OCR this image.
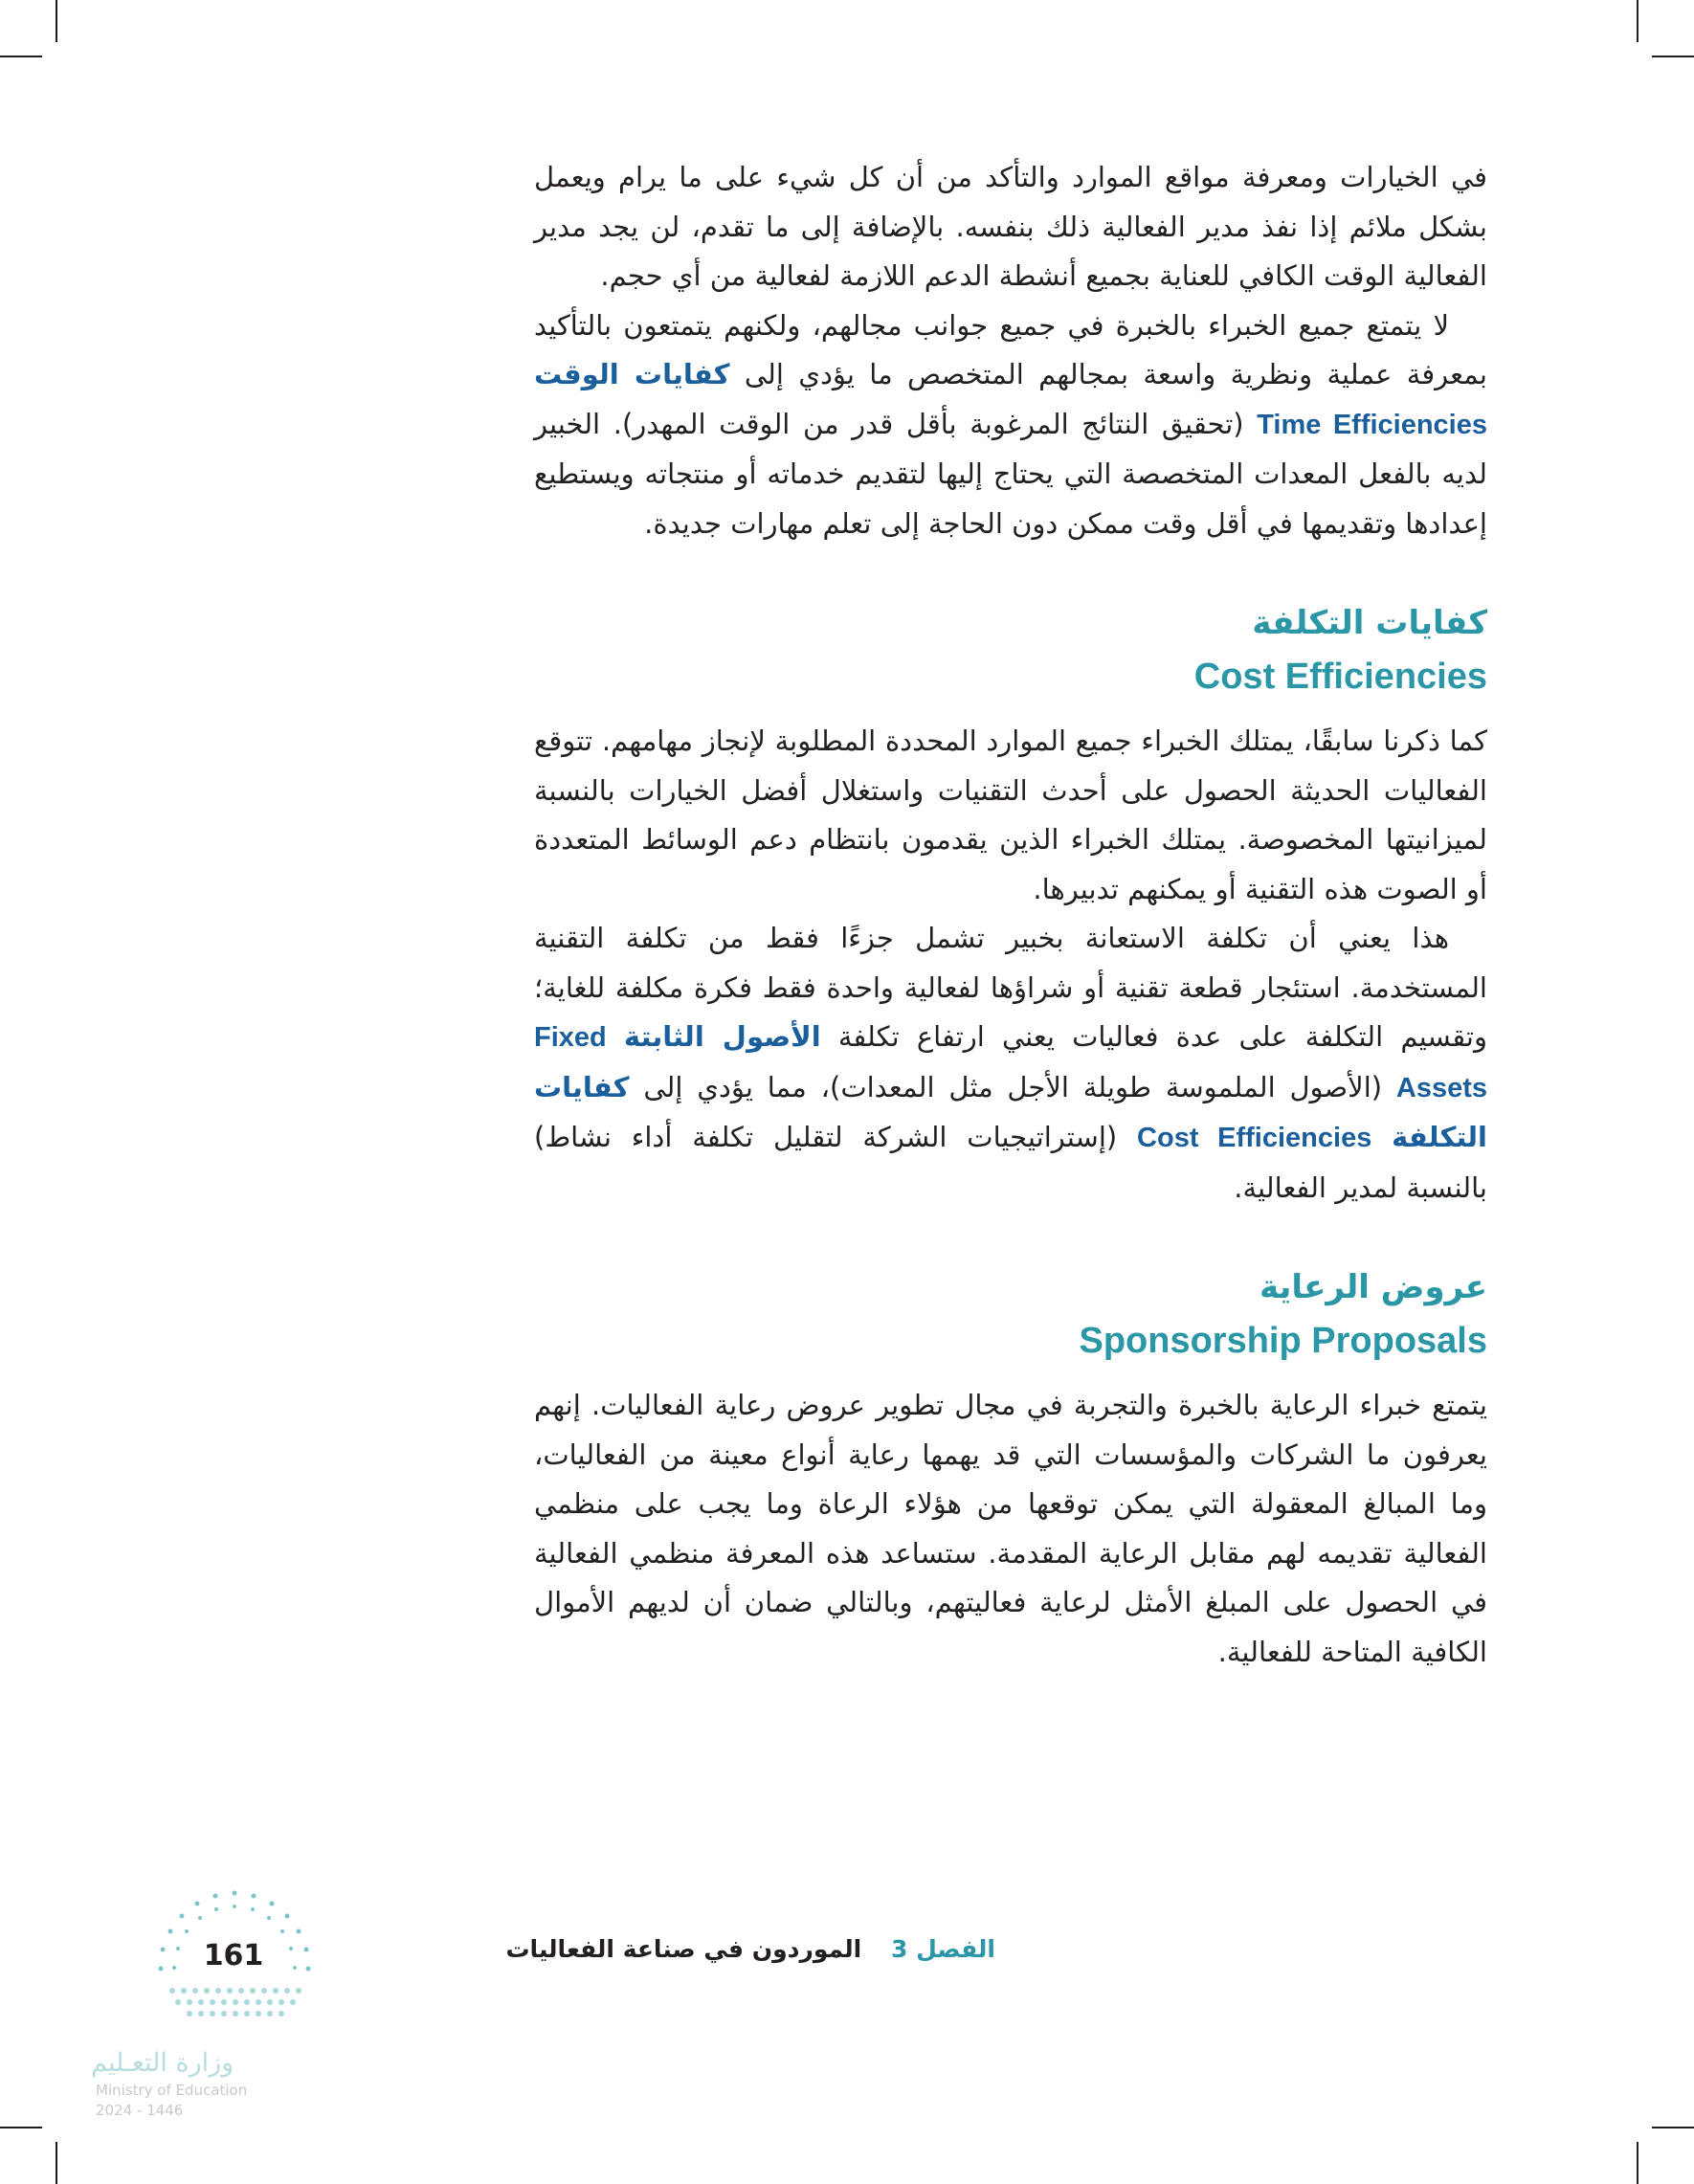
في الخيارات ومعرفة مواقع الموارد والتأكد من أن كل شيء على ما يرام ويعمل بشكل ملائم إذا نفذ مدير الفعالية ذلك بنفسه. بالإضافة إلى ما تقدم، لن يجد مدير الفعالية الوقت الكافي للعناية بجميع أنشطة الدعم اللازمة لفعالية من أي حجم.

لا يتمتع جميع الخبراء بالخبرة في جميع جوانب مجالهم، ولكنهم يتمتعون بالتأكيد بمعرفة عملية ونظرية واسعة بمجالهم المتخصص ما يؤدي إلى كفايات الوقت Time Efficiencies (تحقيق النتائج المرغوبة بأقل قدر من الوقت المهدر). الخبير لديه بالفعل المعدات المتخصصة التي يحتاج إليها لتقديم خدماته أو منتجاته ويستطيع إعدادها وتقديمها في أقل وقت ممكن دون الحاجة إلى تعلم مهارات جديدة.

كفايات التكلفة

Cost Efficiencies

كما ذكرنا سابقًا، يمتلك الخبراء جميع الموارد المحددة المطلوبة لإنجاز مهامهم. تتوقع الفعاليات الحديثة الحصول على أحدث التقنيات واستغلال أفضل الخيارات بالنسبة لميزانيتها المخصوصة. يمتلك الخبراء الذين يقدمون بانتظام دعم الوسائط المتعددة أو الصوت هذه التقنية أو يمكنهم تدبيرها.

هذا يعني أن تكلفة الاستعانة بخبير تشمل جزءًا فقط من تكلفة التقنية المستخدمة. استئجار قطعة تقنية أو شراؤها لفعالية واحدة فقط فكرة مكلفة للغاية؛ وتقسيم التكلفة على عدة فعاليات يعني ارتفاع تكلفة الأصول الثابتة Fixed Assets (الأصول الملموسة طويلة الأجل مثل المعدات)، مما يؤدي إلى كفايات التكلفة Cost Efficiencies (إستراتيجيات الشركة لتقليل تكلفة أداء نشاط) بالنسبة لمدير الفعالية.

عروض الرعاية

Sponsorship Proposals

يتمتع خبراء الرعاية بالخبرة والتجربة في مجال تطوير عروض رعاية الفعاليات. إنهم يعرفون ما الشركات والمؤسسات التي قد يهمها رعاية أنواع معينة من الفعاليات، وما المبالغ المعقولة التي يمكن توقعها من هؤلاء الرعاة وما يجب على منظمي الفعالية تقديمه لهم مقابل الرعاية المقدمة. ستساعد هذه المعرفة منظمي الفعالية في الحصول على المبلغ الأمثل لرعاية فعاليتهم، وبالتالي ضمان أن لديهم الأموال الكافية المتاحة للفعالية.

الفصل 3 الموردون في صناعة الفعاليات
161
وزارة التعـليم
Ministry of Education
2024 - 1446
